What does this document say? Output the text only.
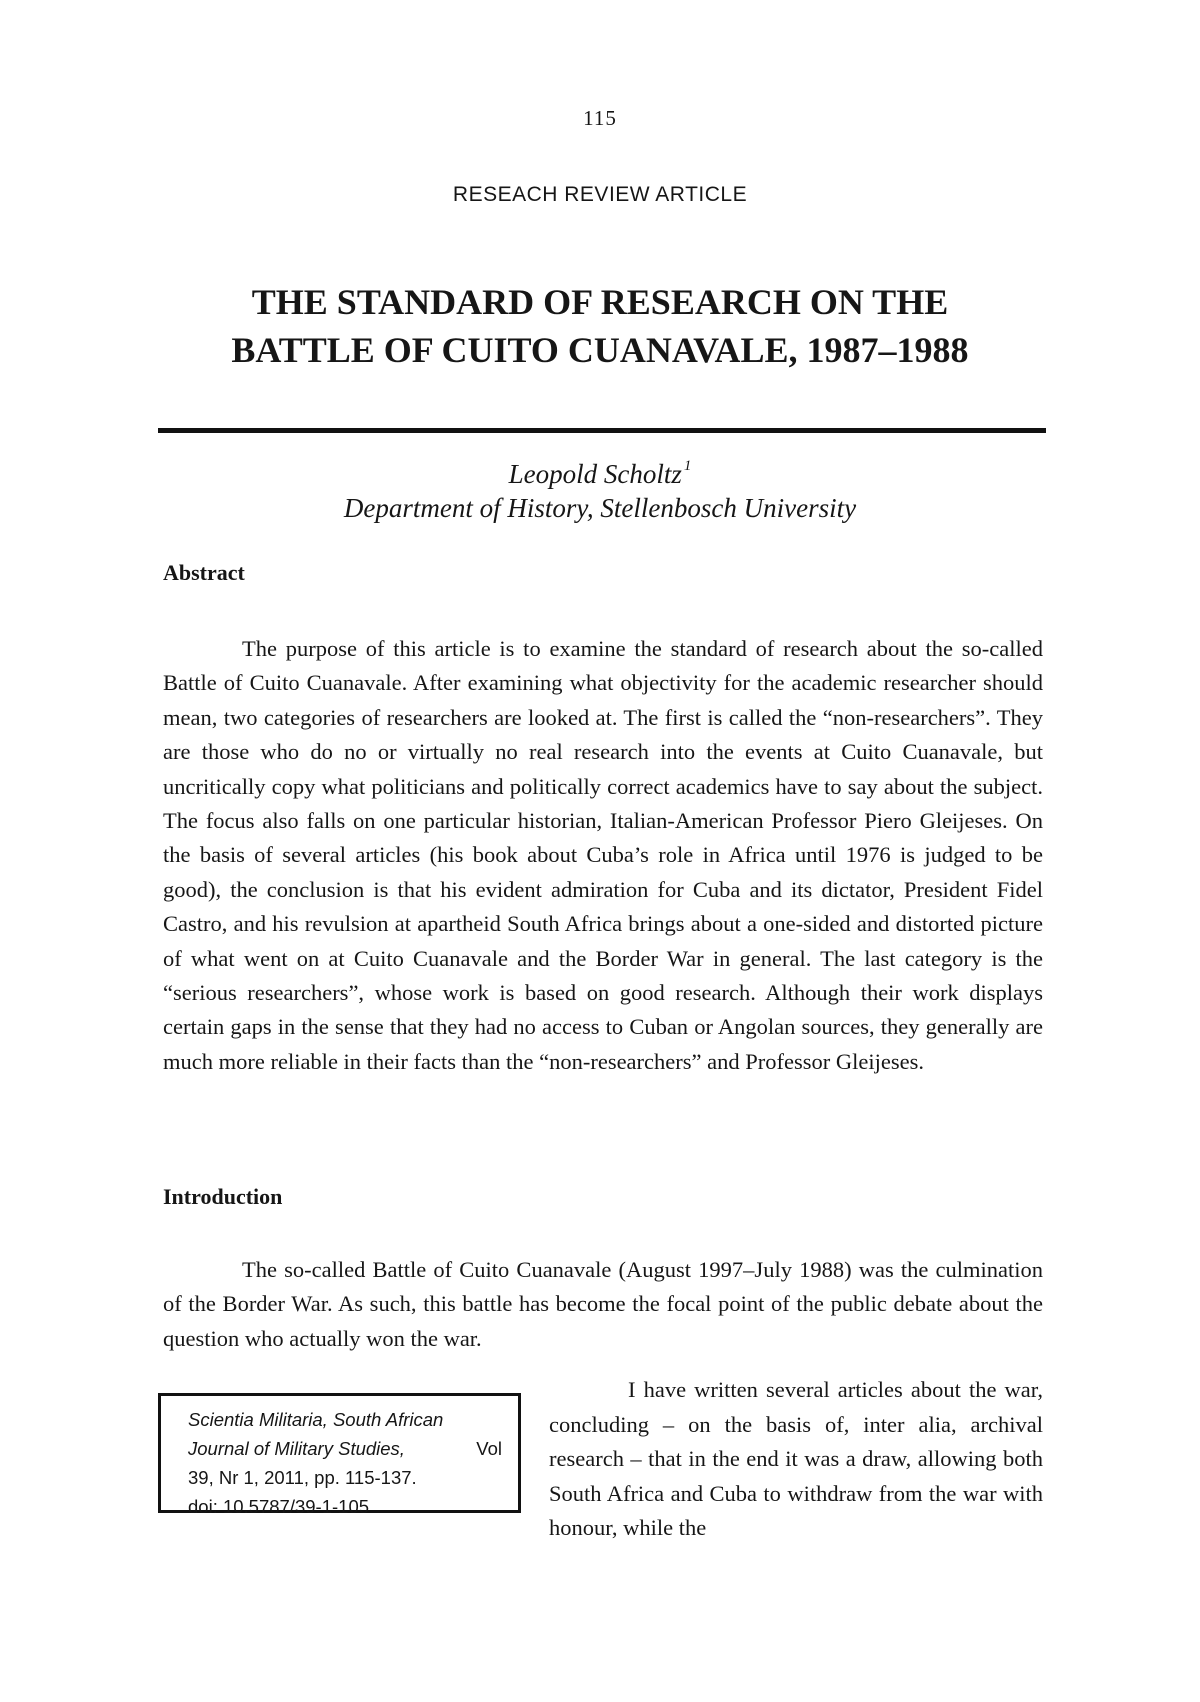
115
RESEACH REVIEW ARTICLE
THE STANDARD OF RESEARCH ON THE
BATTLE OF CUITO CUANAVALE, 1987–1988
Leopold Scholtz $^1$
Department of History, Stellenbosch University
Abstract

The purpose of this article is to examine the standard of research about the so-called Battle of Cuito Cuanavale. After examining what objectivity for the academic researcher should mean, two categories of researchers are looked at. The first is called the “non-researchers”. They are those who do no or virtually no real research into the events at Cuito Cuanavale, but uncritically copy what politicians and politically correct academics have to say about the subject. The focus also falls on one particular historian, Italian-American Professor Piero Gleijeses. On the basis of several articles (his book about Cuba’s role in Africa until 1976 is judged to be good), the conclusion is that his evident admiration for Cuba and its dictator, President Fidel Castro, and his revulsion at apartheid South Africa brings about a one-sided and distorted picture of what went on at Cuito Cuanavale and the Border War in general. The last category is the “serious researchers”, whose work is based on good research. Although their work displays certain gaps in the sense that they had no access to Cuban or Angolan sources, they generally are much more reliable in their facts than the “non-researchers” and Professor Gleijeses.

Introduction

The so-called Battle of Cuito Cuanavale (August 1997–July 1988) was the culmination of the Border War. As such, this battle has become the focal point of the public debate about the question who actually won the war.

Scientia Militaria, South African
Journal of Military Studies,	Vol
39, Nr 1, 2011, pp. 115-137.
doi: 10.5787/39-1-105

I have written several articles about the war, concluding – on the basis of, inter alia, archival research – that in the end it was a draw, allowing both South Africa and Cuba to withdraw from the war with honour, while the
